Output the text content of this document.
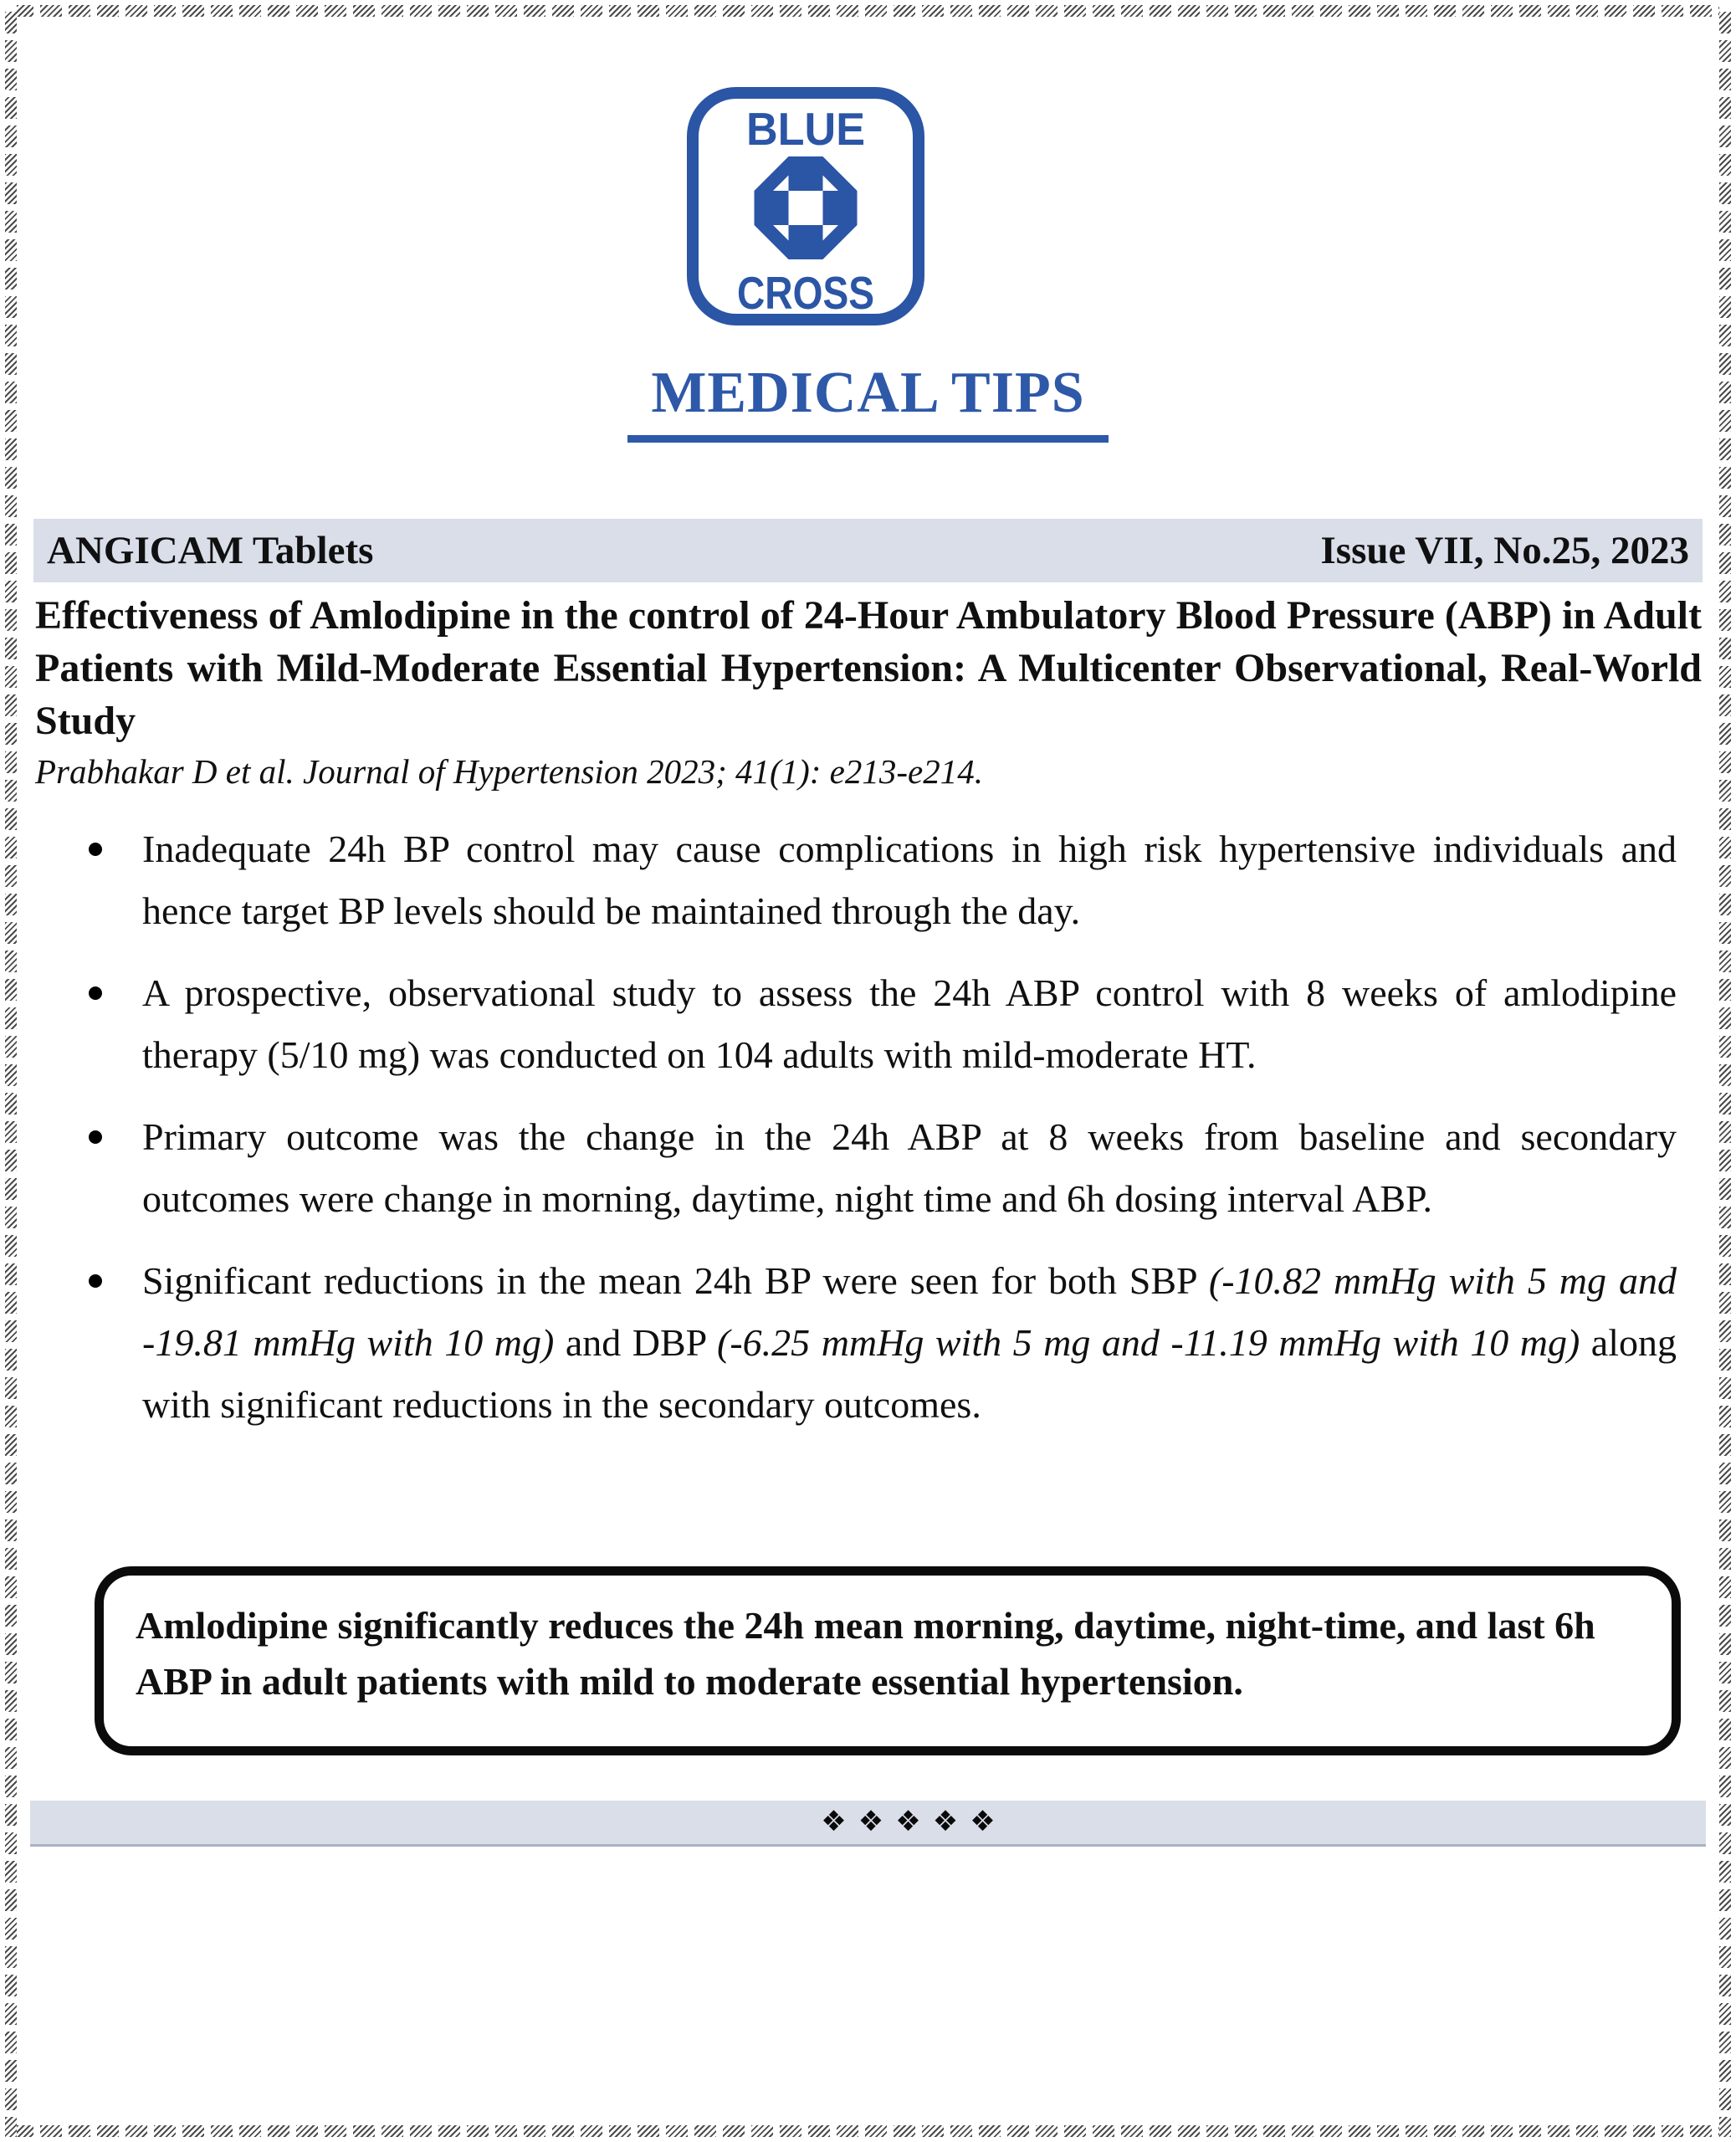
BLUE
CROSS
MEDICAL TIPS
ANGICAM Tablets	Issue VII, No.25, 2023
Effectiveness of Amlodipine in the control of 24-Hour Ambulatory Blood Pressure (ABP) in Adult Patients with Mild-Moderate Essential Hypertension: A Multicenter Observational, Real-World Study
Prabhakar D et al. Journal of Hypertension 2023; 41(1): e213-e214.
Inadequate 24h BP control may cause complications in high risk hypertensive individuals and hence target BP levels should be maintained through the day.
A prospective, observational study to assess the 24h ABP control with 8 weeks of amlodipine therapy (5/10 mg) was conducted on 104 adults with mild-moderate HT.
Primary outcome was the change in the 24h ABP at 8 weeks from baseline and secondary outcomes were change in morning, daytime, night time and 6h dosing interval ABP.
Significant reductions in the mean 24h BP were seen for both SBP (-10.82 mmHg with 5 mg and -19.81 mmHg with 10 mg) and DBP (-6.25 mmHg with 5 mg and -11.19 mmHg with 10 mg) along with significant reductions in the secondary outcomes.
Amlodipine significantly reduces the 24h mean morning, daytime, night-time, and last 6h ABP in adult patients with mild to moderate essential hypertension.
❖❖❖❖❖
